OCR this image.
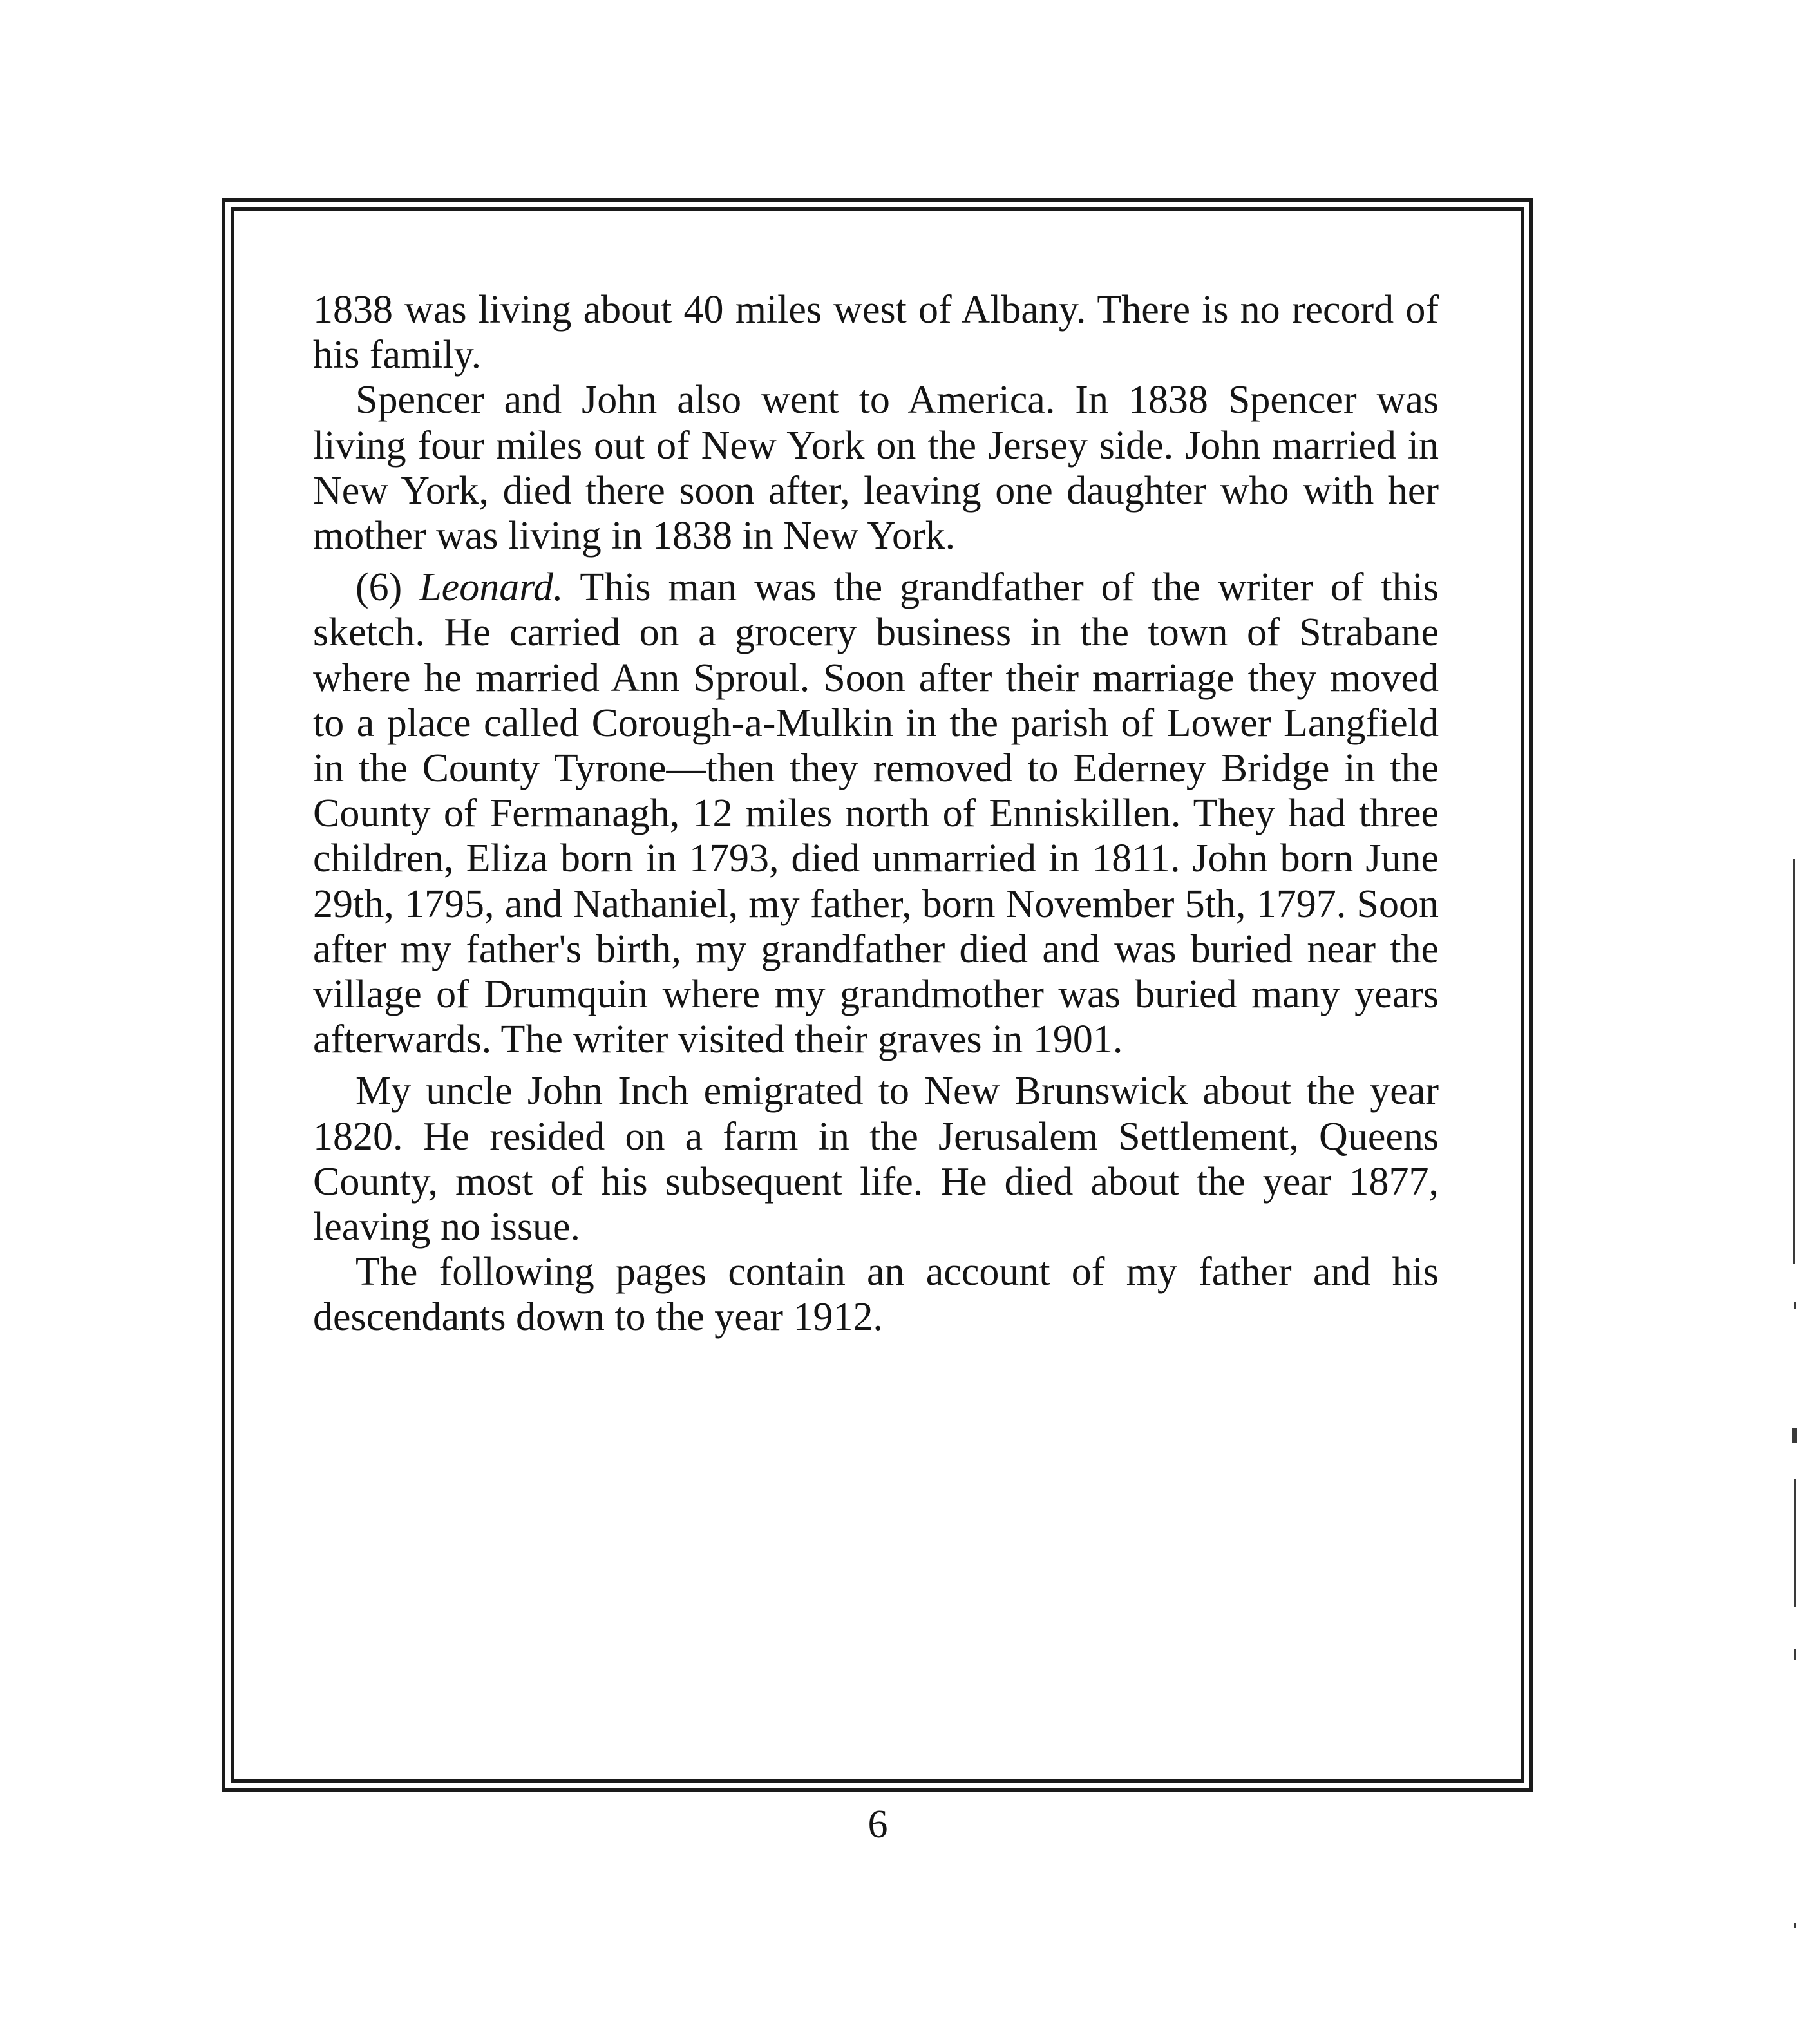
1838 was living about 40 miles west of Albany. There is no record of his family.

Spencer and John also went to America. In 1838 Spencer was living four miles out of New York on the Jersey side. John married in New York, died there soon after, leaving one daughter who with her mother was living in 1838 in New York.

(6) Leonard. This man was the grandfather of the writer of this sketch. He carried on a grocery business in the town of Strabane where he married Ann Sproul. Soon after their marriage they moved to a place called Corough-a-Mulkin in the parish of Lower Langfield in the County Tyrone—then they removed to Ederney Bridge in the County of Fermanagh, 12 miles north of Enniskillen. They had three children, Eliza born in 1793, died unmarried in 1811. John born June 29th, 1795, and Nathaniel, my father, born November 5th, 1797. Soon after my father's birth, my grandfather died and was buried near the village of Drumquin where my grandmother was buried many years afterwards. The writer visited their graves in 1901.

My uncle John Inch emigrated to New Brunswick about the year 1820. He resided on a farm in the Jerusalem Settlement, Queens County, most of his subsequent life. He died about the year 1877, leaving no issue.

The following pages contain an account of my father and his descendants down to the year 1912.

6
